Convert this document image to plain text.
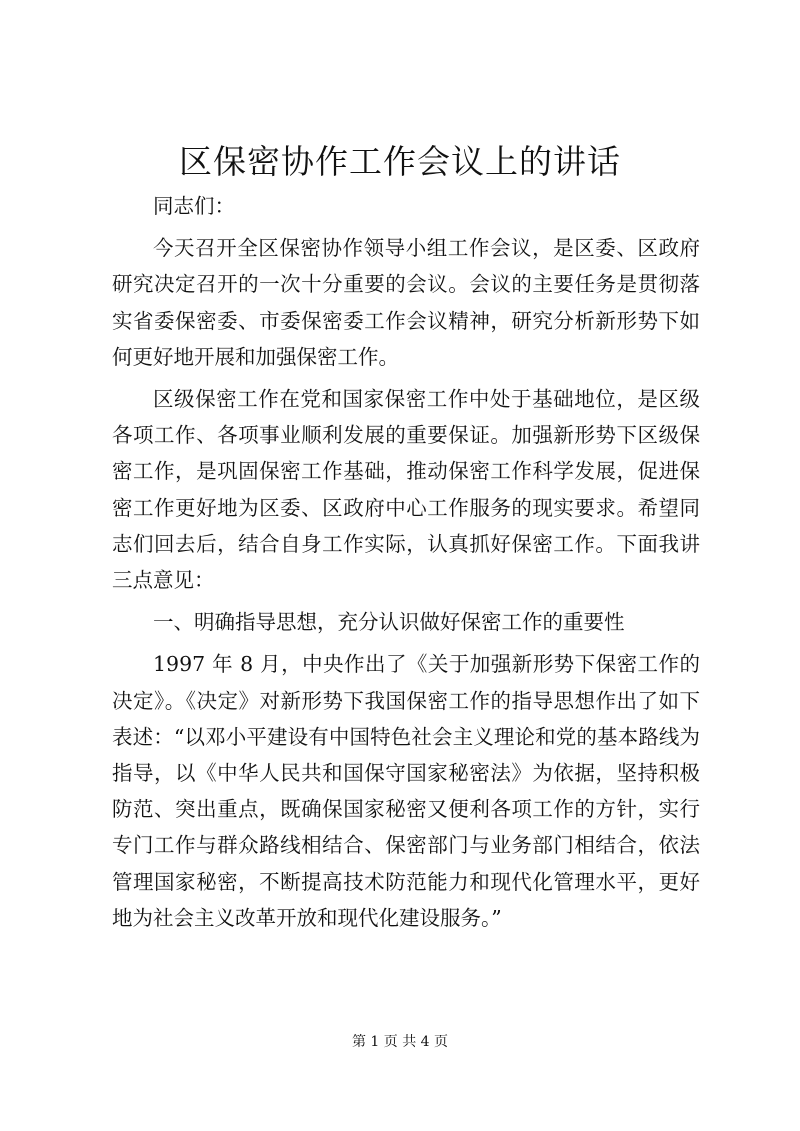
区保密协作工作会议上的讲话

同志们：

今天召开全区保密协作领导小组工作会议，是区委、区政府研究决定召开的一次十分重要的会议。会议的主要任务是贯彻落实省委保密委、市委保密委工作会议精神，研究分析新形势下如何更好地开展和加强保密工作。

区级保密工作在党和国家保密工作中处于基础地位，是区级各项工作、各项事业顺利发展的重要保证。加强新形势下区级保密工作，是巩固保密工作基础，推动保密工作科学发展，促进保密工作更好地为区委、区政府中心工作服务的现实要求。希望同志们回去后，结合自身工作实际，认真抓好保密工作。下面我讲三点意见：

一、明确指导思想，充分认识做好保密工作的重要性

1997 年 8 月，中央作出了《关于加强新形势下保密工作的决定》。《决定》对新形势下我国保密工作的指导思想作出了如下表述：“以邓小平建设有中国特色社会主义理论和党的基本路线为指导，以《中华人民共和国保守国家秘密法》为依据，坚持积极防范、突出重点，既确保国家秘密又便利各项工作的方针，实行专门工作与群众路线相结合、保密部门与业务部门相结合，依法管理国家秘密，不断提高技术防范能力和现代化管理水平，更好地为社会主义改革开放和现代化建设服务。”

第 1 页 共 4 页
